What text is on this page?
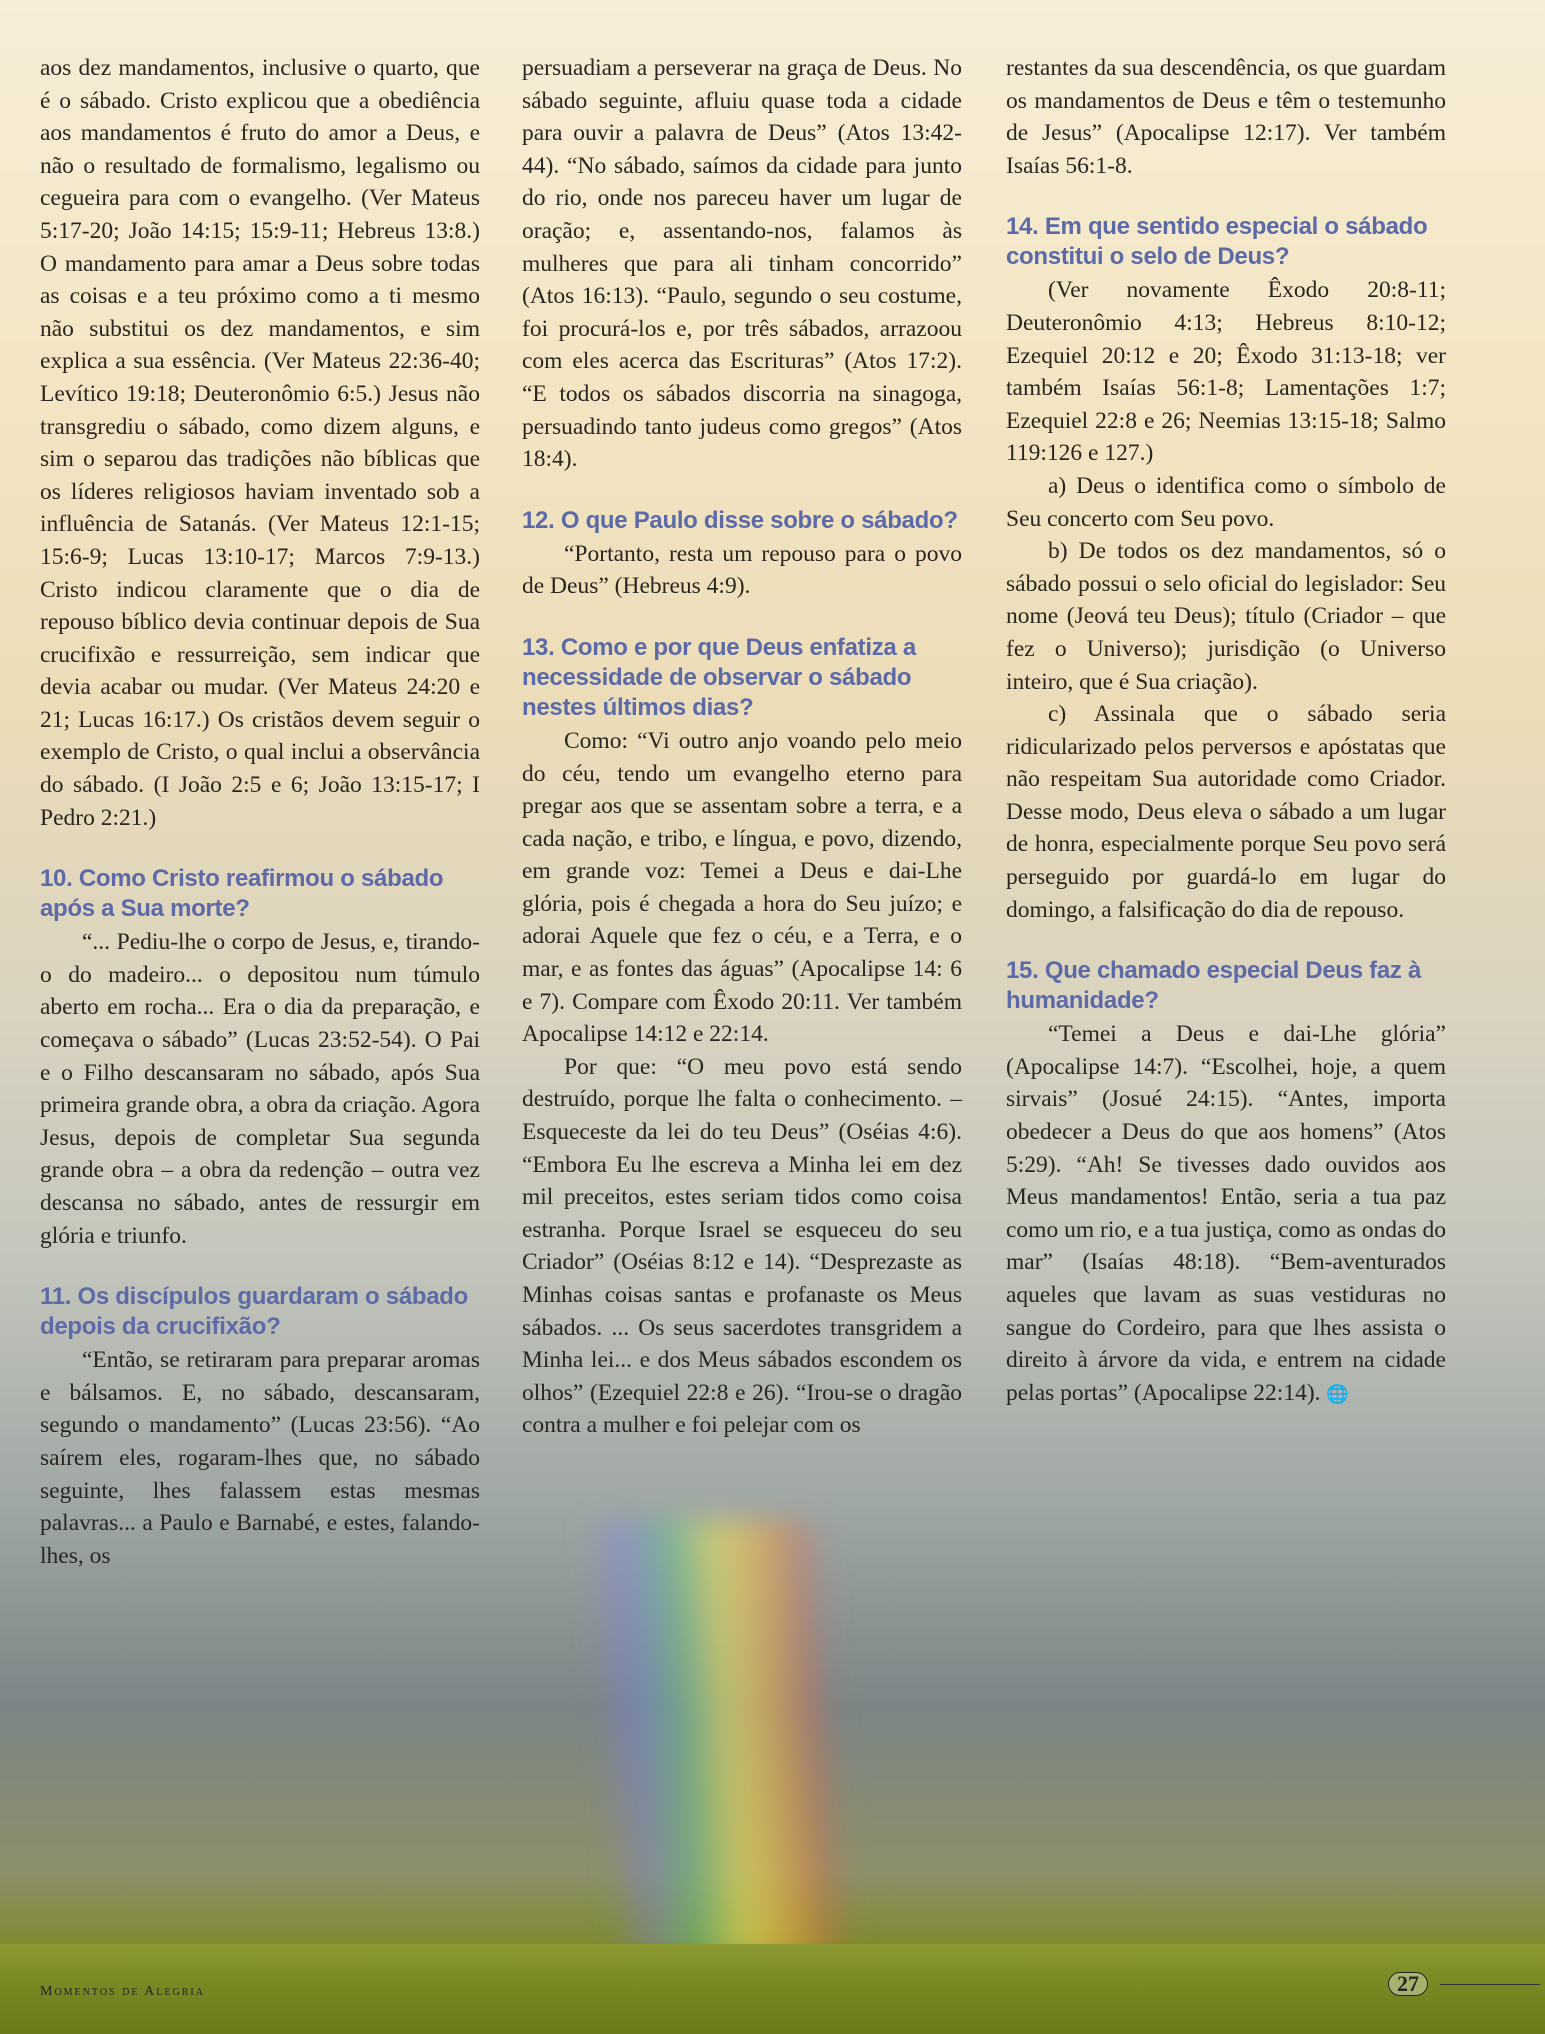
aos dez mandamentos, inclusive o quarto, que é o sábado. Cristo explicou que a obediência aos mandamentos é fruto do amor a Deus, e não o resultado de formalismo, legalismo ou cegueira para com o evangelho. (Ver Mateus 5:17-20; João 14:15; 15:9-11; Hebreus 13:8.) O mandamento para amar a Deus sobre todas as coisas e a teu próximo como a ti mesmo não substitui os dez mandamentos, e sim explica a sua essência. (Ver Mateus 22:36-40; Levítico 19:18; Deuteronômio 6:5.) Jesus não transgrediu o sábado, como dizem alguns, e sim o separou das tradições não bíblicas que os líderes religiosos haviam inventado sob a influência de Satanás. (Ver Mateus 12:1-15; 15:6-9; Lucas 13:10-17; Marcos 7:9-13.) Cristo indicou claramente que o dia de repouso bíblico devia continuar depois de Sua crucifixão e ressurreição, sem indicar que devia acabar ou mudar. (Ver Mateus 24:20 e 21; Lucas 16:17.) Os cristãos devem seguir o exemplo de Cristo, o qual inclui a observância do sábado. (I João 2:5 e 6; João 13:15-17; I Pedro 2:21.)

10. Como Cristo reafirmou o sábado após a Sua morte?

“... Pediu-lhe o corpo de Jesus, e, tirando-o do madeiro... o depositou num túmulo aberto em rocha... Era o dia da preparação, e começava o sábado” (Lucas 23:52-54). O Pai e o Filho descansaram no sábado, após Sua primeira grande obra, a obra da criação. Agora Jesus, depois de completar Sua segunda grande obra – a obra da redenção – outra vez descansa no sábado, antes de ressurgir em glória e triunfo.

11. Os discípulos guardaram o sábado depois da crucifixão?

“Então, se retiraram para preparar aromas e bálsamos. E, no sábado, descansaram, segundo o mandamento” (Lucas 23:56). “Ao saírem eles, rogaram-lhes que, no sábado seguinte, lhes falassem estas mesmas palavras... a Paulo e Barnabé, e estes, falando-lhes, os

persuadiam a perseverar na graça de Deus. No sábado seguinte, afluiu quase toda a cidade para ouvir a palavra de Deus” (Atos 13:42-44). “No sábado, saímos da cidade para junto do rio, onde nos pareceu haver um lugar de oração; e, assentando-nos, falamos às mulheres que para ali tinham concorrido” (Atos 16:13). “Paulo, segundo o seu costume, foi procurá-los e, por três sábados, arrazoou com eles acerca das Escrituras” (Atos 17:2). “E todos os sábados discorria na sinagoga, persuadindo tanto judeus como gregos” (Atos 18:4).

12. O que Paulo disse sobre o sábado?

“Portanto, resta um repouso para o povo de Deus” (Hebreus 4:9).

13. Como e por que Deus enfatiza a necessidade de observar o sábado nestes últimos dias?

Como: “Vi outro anjo voando pelo meio do céu, tendo um evangelho eterno para pregar aos que se assentam sobre a terra, e a cada nação, e tribo, e língua, e povo, dizendo, em grande voz: Temei a Deus e dai-Lhe glória, pois é chegada a hora do Seu juízo; e adorai Aquele que fez o céu, e a Terra, e o mar, e as fontes das águas” (Apocalipse 14: 6 e 7). Compare com Êxodo 20:11. Ver também Apocalipse 14:12 e 22:14.

Por que: “O meu povo está sendo destruído, porque lhe falta o conhecimento. – Esqueceste da lei do teu Deus” (Oséias 4:6). “Embora Eu lhe escreva a Minha lei em dez mil preceitos, estes seriam tidos como coisa estranha. Porque Israel se esqueceu do seu Criador” (Oséias 8:12 e 14). “Desprezaste as Minhas coisas santas e profanaste os Meus sábados. ... Os seus sacerdotes transgridem a Minha lei... e dos Meus sábados escondem os olhos” (Ezequiel 22:8 e 26). “Irou-se o dragão contra a mulher e foi pelejar com os

restantes da sua descendência, os que guardam os mandamentos de Deus e têm o testemunho de Jesus” (Apocalipse 12:17). Ver também Isaías 56:1-8.

14. Em que sentido especial o sábado constitui o selo de Deus?

(Ver novamente Êxodo 20:8-11; Deuteronômio 4:13; Hebreus 8:10-12; Ezequiel 20:12 e 20; Êxodo 31:13-18; ver também Isaías 56:1-8; Lamentações 1:7; Ezequiel 22:8 e 26; Neemias 13:15-18; Salmo 119:126 e 127.)

a) Deus o identifica como o símbolo de Seu concerto com Seu povo.

b) De todos os dez mandamentos, só o sábado possui o selo oficial do legislador: Seu nome (Jeová teu Deus); título (Criador – que fez o Universo); jurisdição (o Universo inteiro, que é Sua criação).

c) Assinala que o sábado seria ridicularizado pelos perversos e apóstatas que não respeitam Sua autoridade como Criador. Desse modo, Deus eleva o sábado a um lugar de honra, especialmente porque Seu povo será perseguido por guardá-lo em lugar do domingo, a falsificação do dia de repouso.

15. Que chamado especial Deus faz à humanidade?

“Temei a Deus e dai-Lhe glória” (Apocalipse 14:7). “Escolhei, hoje, a quem sirvais” (Josué 24:15). “Antes, importa obedecer a Deus do que aos homens” (Atos 5:29). “Ah! Se tivesses dado ouvidos aos Meus mandamentos! Então, seria a tua paz como um rio, e a tua justiça, como as ondas do mar” (Isaías 48:18). “Bem-aventurados aqueles que lavam as suas vestiduras no sangue do Cordeiro, para que lhes assista o direito à árvore da vida, e entrem na cidade pelas portas” (Apocalipse 22:14). 🌐

Momentos de Alegria	27
